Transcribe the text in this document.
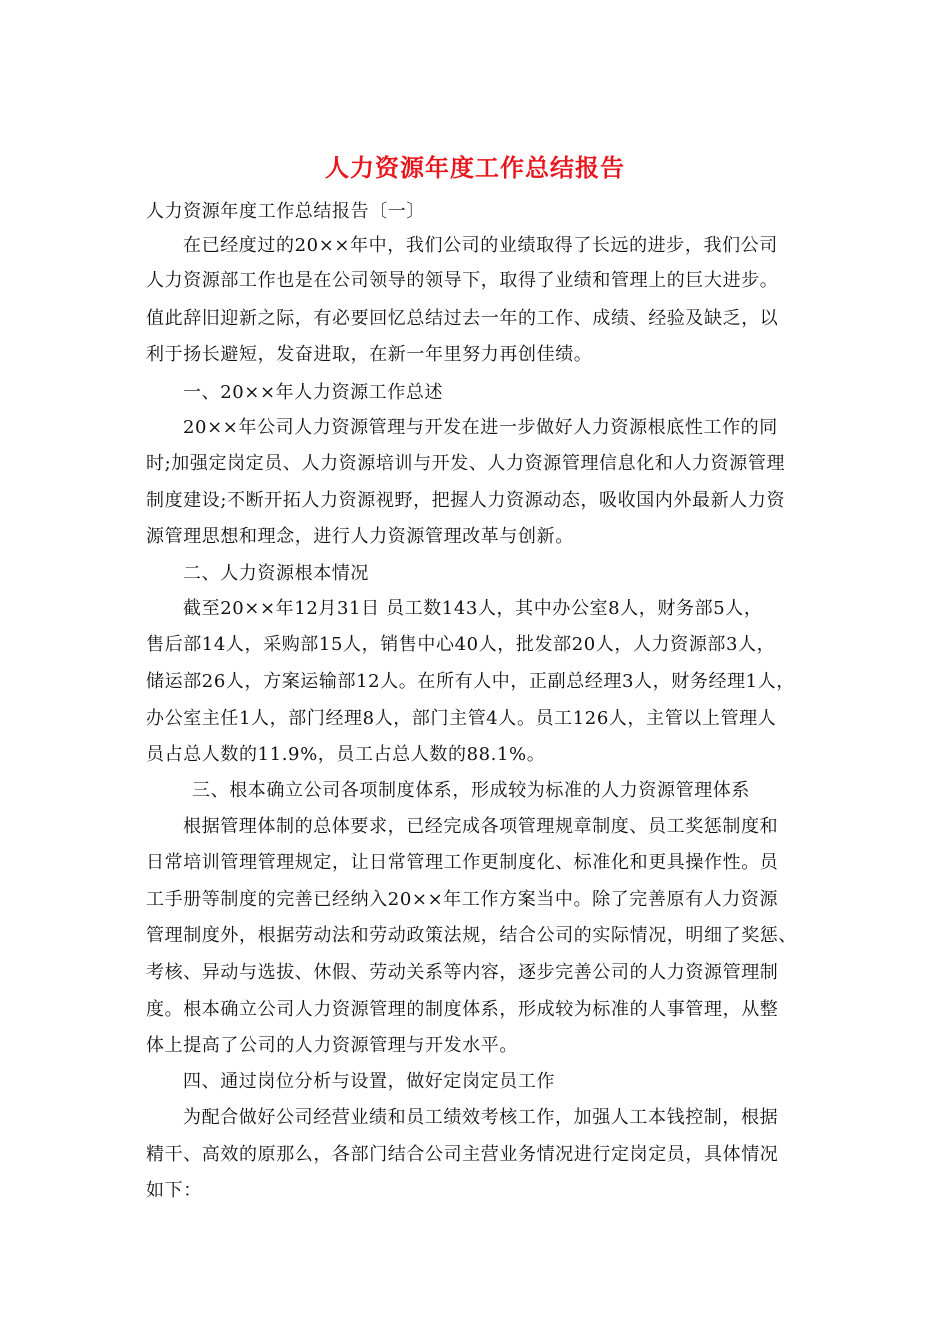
人力资源年度工作总结报告
人力资源年度工作总结报告〔一〕
在已经度过的20××年中，我们公司的业绩取得了长远的进步，我们公司
人力资源部工作也是在公司领导的领导下，取得了业绩和管理上的巨大进步。
值此辞旧迎新之际，有必要回忆总结过去一年的工作、成绩、经验及缺乏，以
利于扬长避短，发奋进取，在新一年里努力再创佳绩。
一、20××年人力资源工作总述
20××年公司人力资源管理与开发在进一步做好人力资源根底性工作的同
时;加强定岗定员、人力资源培训与开发、人力资源管理信息化和人力资源管理
制度建设;不断开拓人力资源视野，把握人力资源动态，吸收国内外最新人力资
源管理思想和理念，进行人力资源管理改革与创新。
二、人力资源根本情况
截至20××年12月31日 员工数143人，其中办公室8人，财务部5人，
售后部14人，采购部15人，销售中心40人，批发部20人，人力资源部3人，
储运部26人，方案运输部12人。在所有人中，正副总经理3人，财务经理1人，
办公室主任1人，部门经理8人，部门主管4人。员工126人，主管以上管理人
员占总人数的11.9%，员工占总人数的88.1%。
三、根本确立公司各项制度体系，形成较为标准的人力资源管理体系
根据管理体制的总体要求，已经完成各项管理规章制度、员工奖惩制度和
日常培训管理管理规定，让日常管理工作更制度化、标准化和更具操作性。员
工手册等制度的完善已经纳入20××年工作方案当中。除了完善原有人力资源
管理制度外，根据劳动法和劳动政策法规，结合公司的实际情况，明细了奖惩、
考核、异动与选拔、休假、劳动关系等内容，逐步完善公司的人力资源管理制
度。根本确立公司人力资源管理的制度体系，形成较为标准的人事管理，从整
体上提高了公司的人力资源管理与开发水平。
四、通过岗位分析与设置，做好定岗定员工作
为配合做好公司经营业绩和员工绩效考核工作，加强人工本钱控制，根据
精干、高效的原那么，各部门结合公司主营业务情况进行定岗定员，具体情况
如下：
